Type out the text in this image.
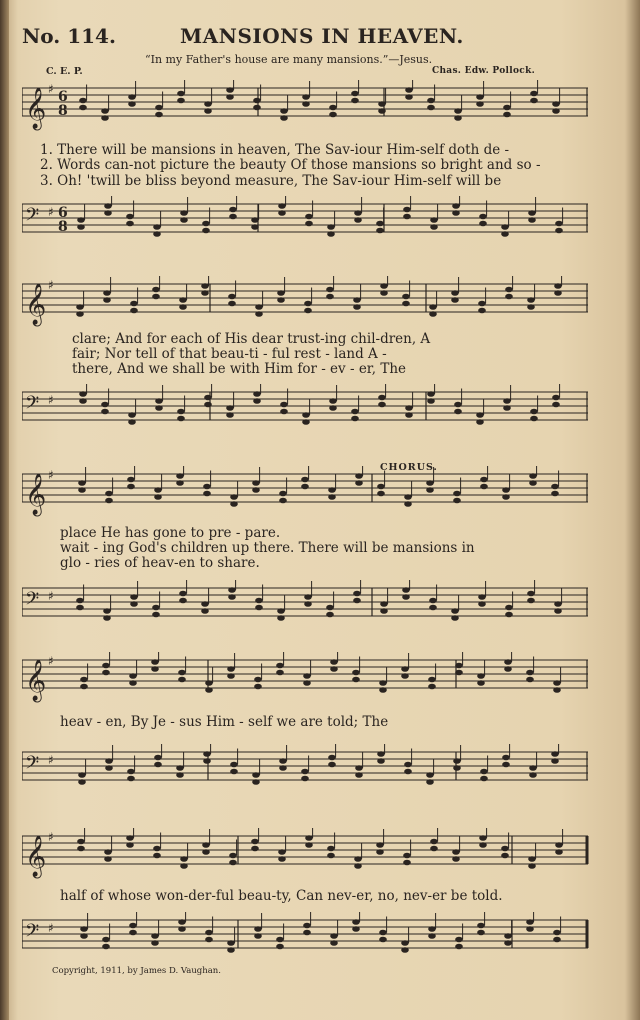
No. 114.	MANSIONS IN HEAVEN.
“In my Father's house are many mansions.”—Jesus.
C. E. P.	Chas. Edw. Pollock.
𝄞 ♯ 6
8
𝄞 ♯
𝄞 ♯
𝄞 ♯
𝄞 ♯
𝄢 ♯ 6
8
𝄢 ♯
𝄢 ♯
𝄢 ♯
𝄢 ♯
CHORUS.
1. There will be mansions in heaven, The Sav-iour Him-self doth de -
2. Words can-not picture the beauty Of those mansions so bright and so -
3. Oh! 'twill be bliss beyond measure, The Sav-iour Him-self will be
clare; And for each of His dear trust-ing chil-dren, A
fair; Nor tell of that beau-ti - ful rest - land A -
there, And we shall be with Him for - ev - er, The
place He has gone to pre - pare.
wait - ing God's children up there. There will be mansions in
glo - ries of heav-en to share.
heav - en, By Je - sus Him - self we are told; The
half of whose won-der-ful beau-ty, Can nev-er, no, nev-er be told.
Copyright, 1911, by James D. Vaughan.
